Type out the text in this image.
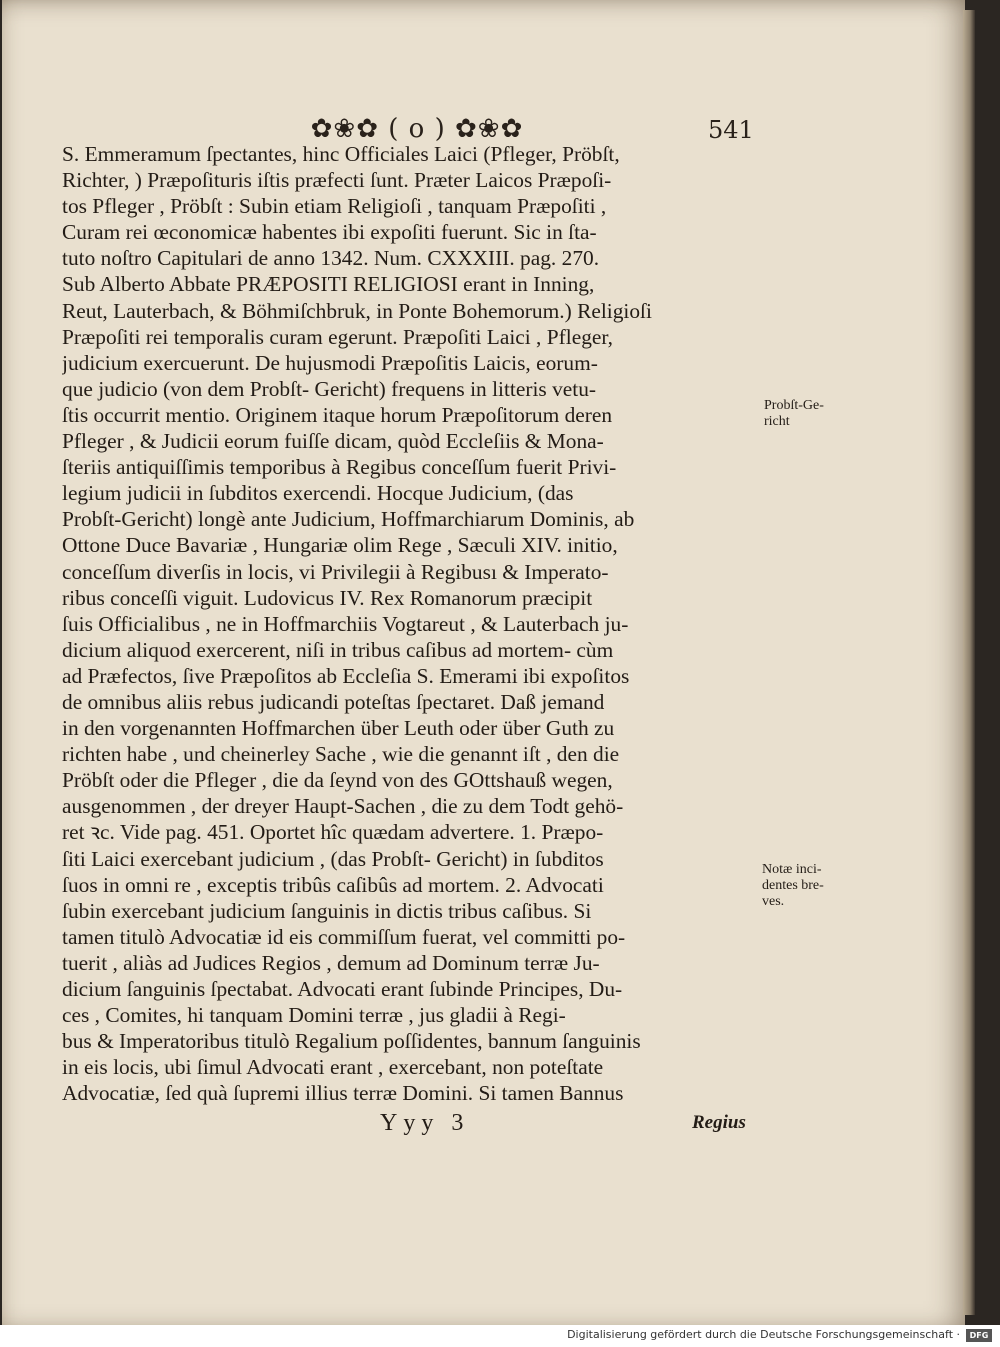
✿❀✿ ( o ) ✿❀✿	541
S. Emmeramum ſpectantes, hinc Officiales Laici (Pfleger, Pröbſt,
Richter, ) Præpoſituris iſtis præfecti ſunt. Præter Laicos Præpoſi-
tos Pfleger , Pröbſt : Subin etiam Religioſi , tanquam Præpoſiti ,
Curam rei œconomicæ habentes ibi expoſiti fuerunt. Sic in ſta-
tuto noſtro Capitulari de anno 1342. Num. CXXXIII. pag. 270.
Sub Alberto Abbate PRÆPOSITI RELIGIOSI erant in Inning,
Reut, Lauterbach, & Böhmiſchbruk, in Ponte Bohemorum.) Religioſi
Præpoſiti rei temporalis curam egerunt. Præpoſiti Laici , Pfleger,
judicium exercuerunt. De hujusmodi Præpoſitis Laicis, eorum-
que judicio (von dem Probſt- Gericht) frequens in litteris vetu-
ſtis occurrit mentio. Originem itaque horum Præpoſitorum deren
Pfleger , & Judicii eorum fuiſſe dicam, quòd Eccleſiis & Mona-
ſteriis antiquiſſimis temporibus à Regibus conceſſum fuerit Privi-
legium judicii in ſubditos exercendi. Hocque Judicium, (das
Probſt-Gericht) longè ante Judicium, Hoffmarchiarum Dominis, ab
Ottone Duce Bavariæ , Hungariæ olim Rege , Sæculi XIV. initio,
conceſſum diverſis in locis, vi Privilegii à Regibusı & Imperato-
ribus conceſſi viguit. Ludovicus IV. Rex Romanorum præcipit
ſuis Officialibus , ne in Hoffmarchiis Vogtareut , & Lauterbach ju-
dicium aliquod exercerent, niſi in tribus caſibus ad mortem- cùm
ad Præfectos, ſive Præpoſitos ab Eccleſia S. Emerami ibi expoſitos
de omnibus aliis rebus judicandi poteſtas ſpectaret. Daß jemand
in den vorgenannten Hoffmarchen über Leuth oder über Guth zu
richten habe , und cheinerley Sache , wie die genannt iſt , den die
Pröbſt oder die Pfleger , die da ſeynd von des GOttshauß wegen,
ausgenommen , der dreyer Haupt-Sachen , die zu dem Todt gehö-
ret ꝛc. Vide pag. 451. Oportet hîc quædam advertere. 1. Præpo-
ſiti Laici exercebant judicium , (das Probſt- Gericht) in ſubditos
ſuos in omni re , exceptis tribûs caſibûs ad mortem. 2. Advocati
ſubin exercebant judicium ſanguinis in dictis tribus caſibus. Si
tamen titulò Advocatiæ id eis commiſſum fuerat, vel committi po-
tuerit , aliàs ad Judices Regios , demum ad Dominum terræ Ju-
dicium ſanguinis ſpectabat. Advocati erant ſubinde Principes, Du-
ces , Comites, hi tanquam Domini terræ , jus gladii à Regi-
bus & Imperatoribus titulò Regalium poſſidentes, bannum ſanguinis
in eis locis, ubi ſimul Advocati erant , exercebant, non poteſtate
Advocatiæ, ſed quà ſupremi illius terræ Domini. Si tamen Bannus
Probſt-Ge-
richt
Notæ inci-
dentes bre-
ves.
Yyy 3	Regius
Digitalisierung gefördert durch die Deutsche Forschungsgemeinschaft ·	DFG
